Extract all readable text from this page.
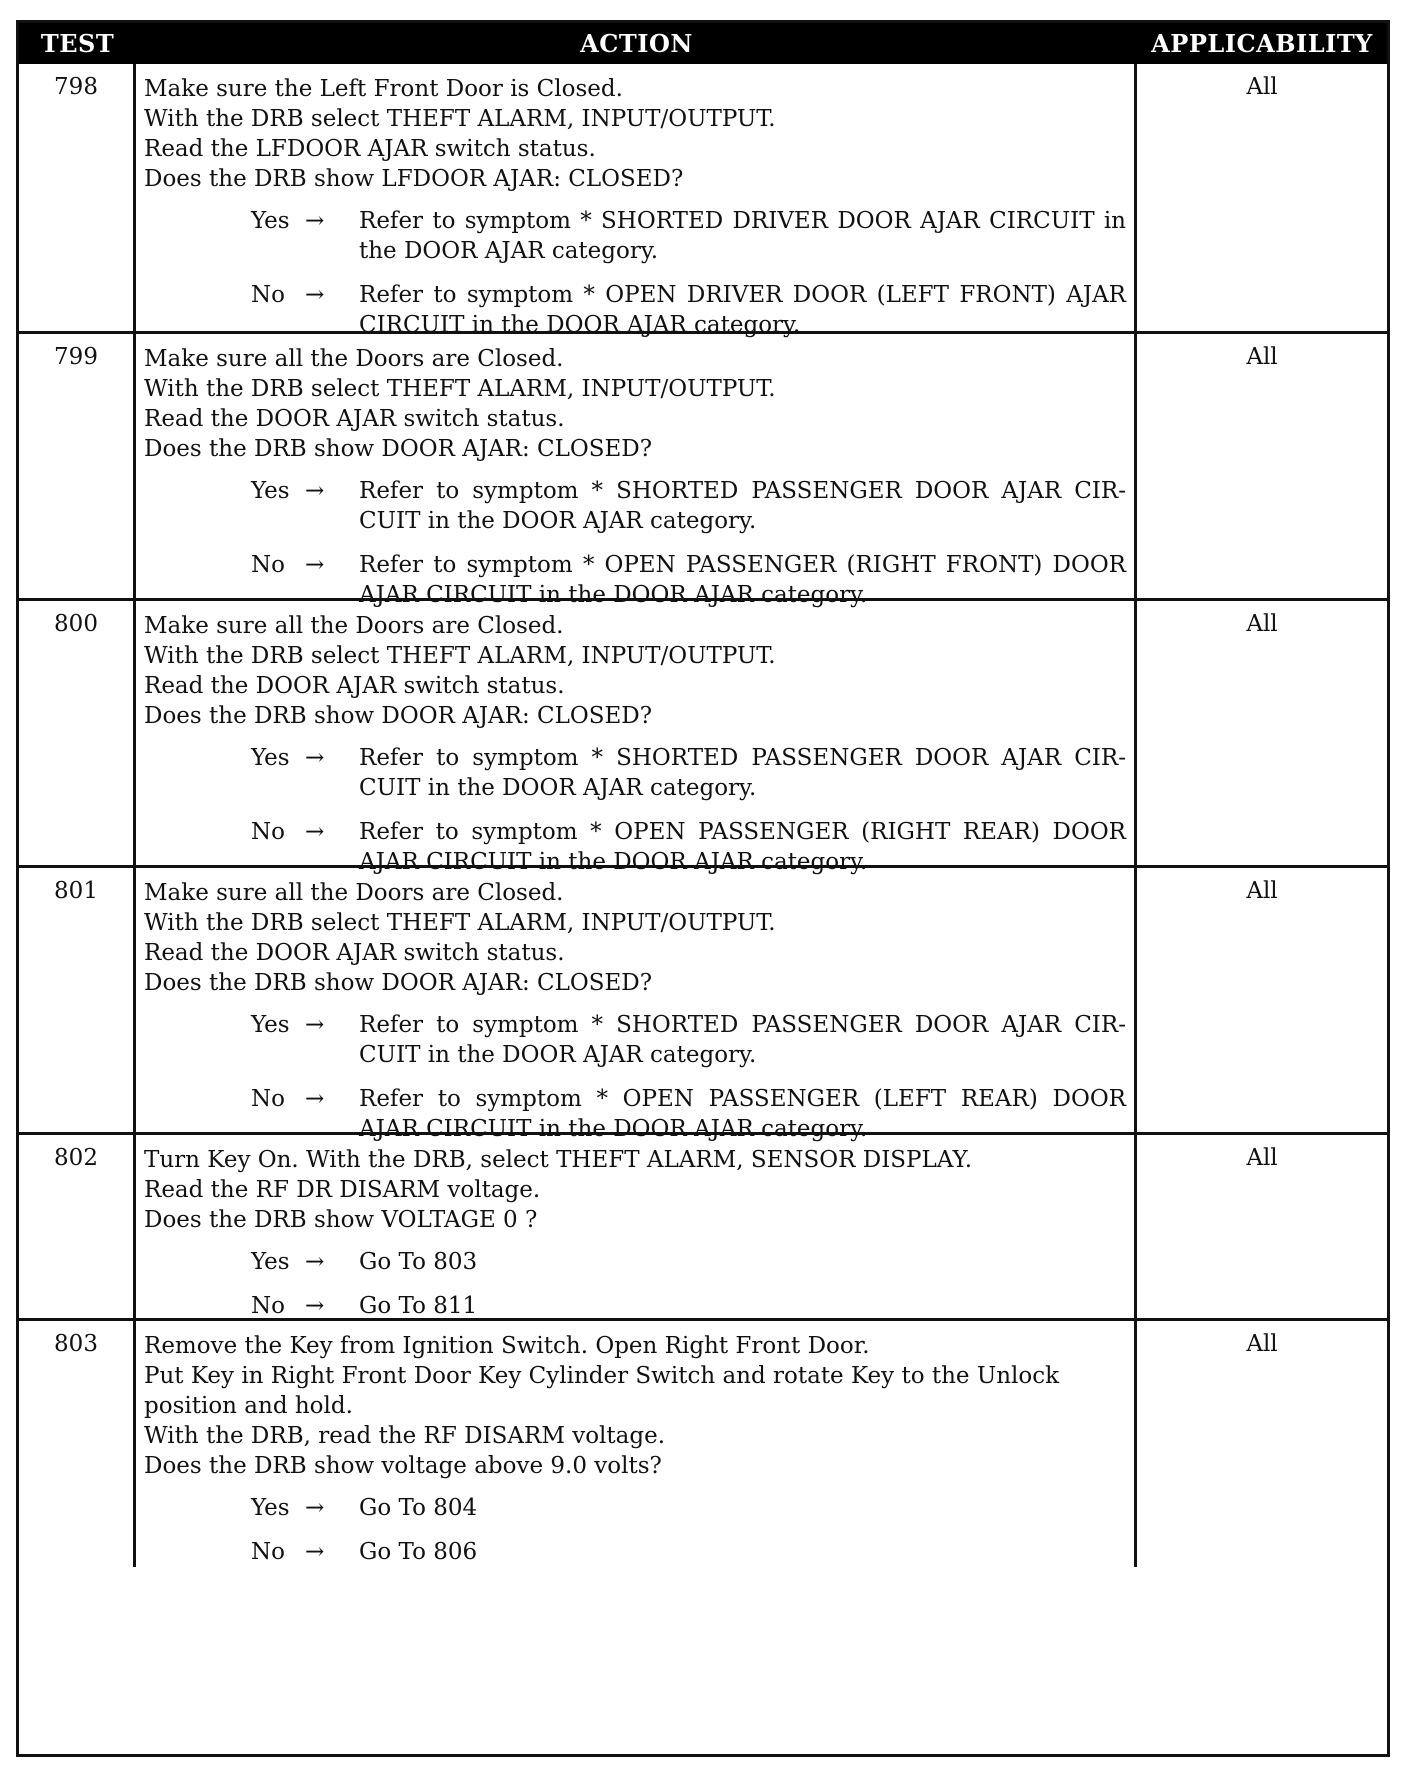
TEST	ACTION	APPLICABILITY
798	Make sure the Left Front Door is Closed.
With the DRB select THEFT ALARM, INPUT/OUTPUT.
Read the LFDOOR AJAR switch status.
Does the DRB show LFDOOR AJAR: CLOSED?
Yes →	Refer to symptom * SHORTED DRIVER DOOR AJAR CIRCUIT in the DOOR AJAR category.
No →	Refer to symptom * OPEN DRIVER DOOR (LEFT FRONT) AJAR CIRCUIT in the DOOR AJAR category.
All
799	Make sure all the Doors are Closed.
With the DRB select THEFT ALARM, INPUT/OUTPUT.
Read the DOOR AJAR switch status.
Does the DRB show DOOR AJAR: CLOSED?
Yes →	Refer to symptom * SHORTED PASSENGER DOOR AJAR CIR- CUIT in the DOOR AJAR category.
No →	Refer to symptom * OPEN PASSENGER (RIGHT FRONT) DOOR AJAR CIRCUIT in the DOOR AJAR category.
All
800	Make sure all the Doors are Closed.
With the DRB select THEFT ALARM, INPUT/OUTPUT.
Read the DOOR AJAR switch status.
Does the DRB show DOOR AJAR: CLOSED?
Yes →	Refer to symptom * SHORTED PASSENGER DOOR AJAR CIR- CUIT in the DOOR AJAR category.
No →	Refer to symptom * OPEN PASSENGER (RIGHT REAR) DOOR AJAR CIRCUIT in the DOOR AJAR category.
All
801	Make sure all the Doors are Closed.
With the DRB select THEFT ALARM, INPUT/OUTPUT.
Read the DOOR AJAR switch status.
Does the DRB show DOOR AJAR: CLOSED?
Yes →	Refer to symptom * SHORTED PASSENGER DOOR AJAR CIR- CUIT in the DOOR AJAR category.
No →	Refer to symptom * OPEN PASSENGER (LEFT REAR) DOOR AJAR CIRCUIT in the DOOR AJAR category.
All
802	Turn Key On. With the DRB, select THEFT ALARM, SENSOR DISPLAY.
Read the RF DR DISARM voltage.
Does the DRB show VOLTAGE 0 ?
Yes →	Go To 803
No →	Go To 811
All
803	Remove the Key from Ignition Switch. Open Right Front Door.
Put Key in Right Front Door Key Cylinder Switch and rotate Key to the Unlock position and hold.
With the DRB, read the RF DISARM voltage.
Does the DRB show voltage above 9.0 volts?
Yes →	Go To 804
No →	Go To 806
All
